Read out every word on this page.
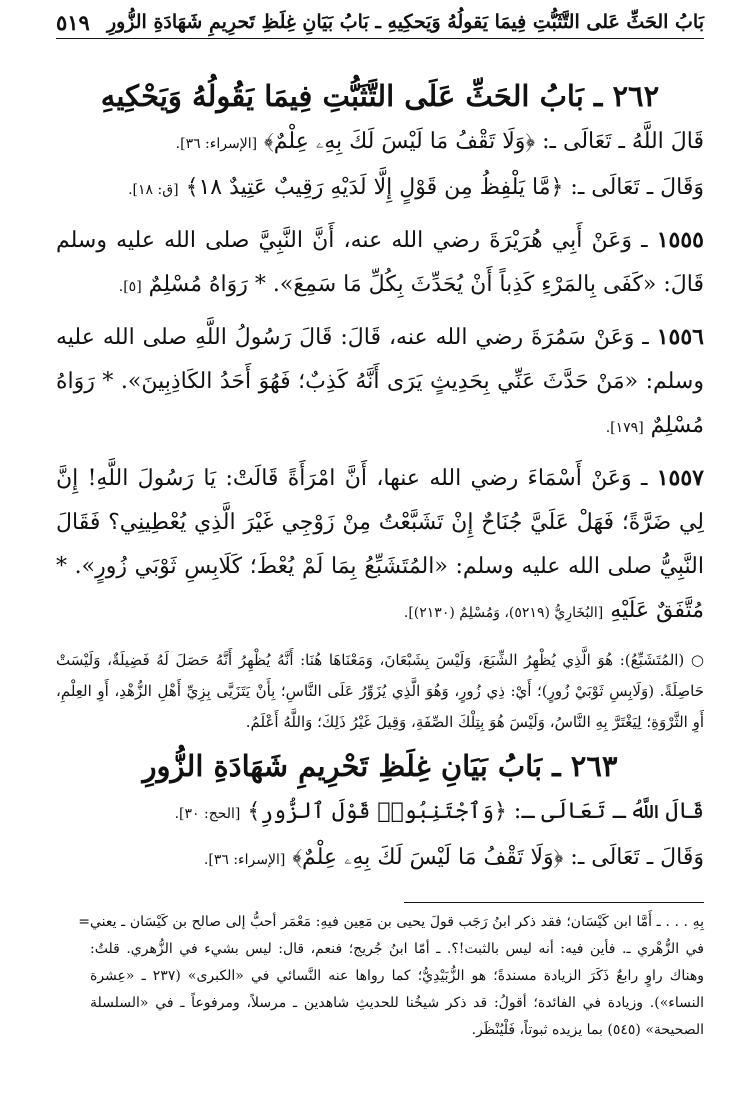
بَابُ الحَثِّ عَلى التَّثَبُّتِ فِيمَا يَقولُهُ وَيَحكِيهِ ـ بَابُ بَيَانِ غِلَظِ تَحرِيمِ شَهَادَةِ الزُّورِ
٥١٩
٢٦٢ ـ بَابُ الحَثِّ عَلَى التَّثَبُّتِ فِيمَا يَقُولُهُ وَيَحْكِيهِ
قَالَ اللَّهُ ـ تَعَالَى ـ: ﴿وَلَا تَقْفُ مَا لَيْسَ لَكَ بِهِۦ عِلْمٌ﴾ [الإسراء: ٣٦].
وَقَالَ ـ تَعَالَى ـ: ﴿مَّا يَلْفِظُ مِن قَوْلٍ إِلَّا لَدَيْهِ رَقِيبٌ عَتِيدٌ ١٨﴾ [ق: ١٨].
١٥٥٥ ـ وَعَنْ أَبِي هُرَيْرَةَ رضي الله عنه، أَنَّ النَّبِيَّ صلى الله عليه وسلم قَالَ: «كَفَى بِالمَرْءِ كَذِباً أَنْ يُحَدِّثَ بِكُلِّ مَا سَمِعَ». * رَوَاهُ مُسْلِمٌ [٥].
١٥٥٦ ـ وَعَنْ سَمُرَةَ رضي الله عنه، قَالَ: قَالَ رَسُولُ اللَّهِ صلى الله عليه وسلم: «مَنْ حَدَّثَ عَنِّي بِحَدِيثٍ يَرَى أَنَّهُ كَذِبٌ؛ فَهُوَ أَحَدُ الكَاذِبِينَ». * رَوَاهُ مُسْلِمٌ [١٧٩].
١٥٥٧ ـ وَعَنْ أَسْمَاءَ رضي الله عنها، أَنَّ امْرَأَةً قَالَتْ: يَا رَسُولَ اللَّهِ! إِنَّ لِي ضَرَّةً؛ فَهَلْ عَلَيَّ جُنَاحٌ إِنْ تَشَبَّعْتُ مِنْ زَوْجِي غَيْرَ الَّذِي يُعْطِينِي؟ فَقَالَ النَّبِيُّ صلى الله عليه وسلم: «المُتَشَبِّعُ بِمَا لَمْ يُعْطَ؛ كَلَابِسِ ثَوْبَي زُورٍ». * مُتَّفَقٌ عَلَيْهِ [البُخَارِيُّ (٥٢١٩)، وَمُسْلِمٌ (٢١٣٠)].
○ (المُتَشَبِّعُ): هُوَ الَّذِي يُظْهِرُ الشِّبَعَ، وَلَيْسَ بِشَبْعَانَ، وَمَعْنَاهَا هُنَا: أَنَّهُ يُظْهِرُ أَنَّهُ حَصَلَ لَهُ فَضِيلَةٌ، وَلَيْسَتْ حَاصِلَةً. (وَلَابِسِ ثَوْبَيْ زُورٍ)؛ أَيْ: ذِي زُورٍ، وَهُوَ الَّذِي يُزَوِّرُ عَلَى النَّاسِ؛ بِأَنْ يَتَزَيَّى بِزِيِّ أَهْلِ الزُّهْدِ، أَوِ العِلْمِ، أَوِ الثَّرْوَةِ؛ لِيَغْتَرَّ بِهِ النَّاسُ، وَلَيْسَ هُوَ بِتِلْكَ الصِّفَةِ، وَقِيلَ غَيْرُ ذَلِكَ؛ وَاللَّهُ أَعْلَمُ.
٢٦٣ ـ بَابُ بَيَانِ غِلَظِ تَحْرِيمِ شَهَادَةِ الزُّورِ
قَالَ اللَّهُ ـ تَعَالَى ـ: ﴿وَٱجْتَنِبُوا۟ قَوْلَ ٱلزُّورِ﴾ [الحج: ٣٠].
وَقَالَ ـ تَعَالَى ـ: ﴿وَلَا تَقْفُ مَا لَيْسَ لَكَ بِهِۦ عِلْمٌ﴾ [الإسراء: ٣٦].
بِهِ . . . ـ أَمَّا ابن كَيْسَان؛ فقد ذكر ابنُ رَجَب قولَ يحيى بن مَعِين فيهِ: مَعْمَر أحبُّ إلى صالح بن كَيْسَان ـ يعني في الزُّهْري ـ. فأين فيه: أنه ليس بالثبت!؟. ـ أمّا ابنُ جُريج؛ فنعم، قال: ليس بشيء في الزُّهري. قلتُ: وهناك راوٍ رابعٌ ذَكَرَ الزيادة مسندةً؛ هو الزُّبَيْدِيُّ؛ كما رواها عنه النَّسائي في «الكبرى» (٢٣٧ ـ «عِشرة النساء»). وزيادة في الفائدة؛ أقولُ: قد ذكر شيخُنا للحديثِ شاهدين ـ مرسلاً، ومرفوعاً ـ في «السلسلة الصحيحة» (٥٤٥) بما يزيده ثبوتاً، فَلْيُنْظَر.
=
